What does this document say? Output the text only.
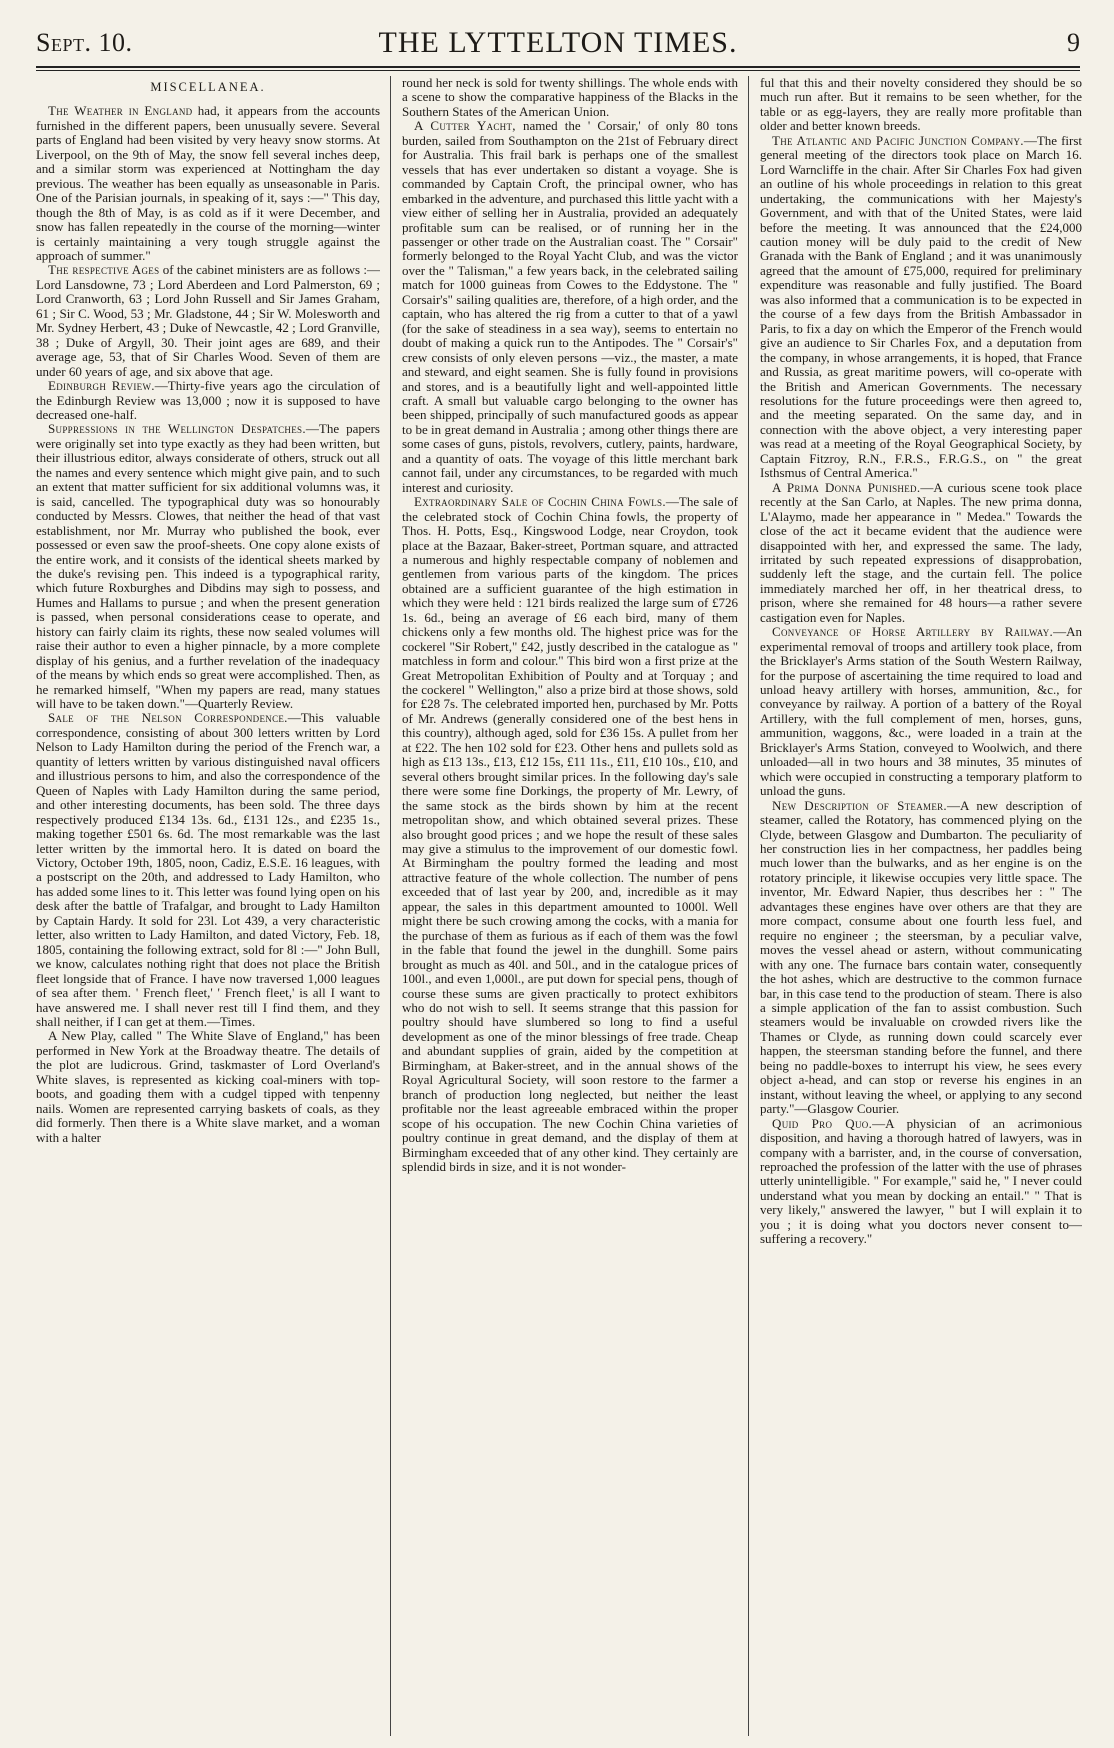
Sept. 10.	THE LYTTELTON TIMES.	9
MISCELLANEA.

The Weather in England had, it appears from the accounts furnished in the different papers, been unusually severe. Several parts of England had been visited by very heavy snow storms. At Liverpool, on the 9th of May, the snow fell several inches deep, and a similar storm was experienced at Nottingham the day previous. The weather has been equally as unseasonable in Paris. One of the Parisian journals, in speaking of it, says :—" This day, though the 8th of May, is as cold as if it were December, and snow has fallen repeatedly in the course of the morning—winter is certainly maintaining a very tough struggle against the approach of summer."

The respective Ages of the cabinet ministers are as follows :— Lord Lansdowne, 73 ; Lord Aberdeen and Lord Palmerston, 69 ; Lord Cranworth, 63 ; Lord John Russell and Sir James Graham, 61 ; Sir C. Wood, 53 ; Mr. Gladstone, 44 ; Sir W. Molesworth and Mr. Sydney Herbert, 43 ; Duke of Newcastle, 42 ; Lord Granville, 38 ; Duke of Argyll, 30. Their joint ages are 689, and their average age, 53, that of Sir Charles Wood. Seven of them are under 60 years of age, and six above that age.

Edinburgh Review.—Thirty-five years ago the circulation of the Edinburgh Review was 13,000 ; now it is supposed to have decreased one-half.

Suppressions in the Wellington Despatches.—The papers were originally set into type exactly as they had been written, but their illustrious editor, always considerate of others, struck out all the names and every sentence which might give pain, and to such an extent that matter sufficient for six additional volumns was, it is said, cancelled. The typographical duty was so honourably conducted by Messrs. Clowes, that neither the head of that vast establishment, nor Mr. Murray who published the book, ever possessed or even saw the proof-sheets. One copy alone exists of the entire work, and it consists of the identical sheets marked by the duke's revising pen. This indeed is a typographical rarity, which future Roxburghes and Dibdins may sigh to possess, and Humes and Hallams to pursue ; and when the present generation is passed, when personal considerations cease to operate, and history can fairly claim its rights, these now sealed volumes will raise their author to even a higher pinnacle, by a more complete display of his genius, and a further revelation of the inadequacy of the means by which ends so great were accomplished. Then, as he remarked himself, "When my papers are read, many statues will have to be taken down."—Quarterly Review.

Sale of the Nelson Correspondence.—This valuable correspondence, consisting of about 300 letters written by Lord Nelson to Lady Hamilton during the period of the French war, a quantity of letters written by various distinguished naval officers and illustrious persons to him, and also the correspondence of the Queen of Naples with Lady Hamilton during the same period, and other interesting documents, has been sold. The three days respectively produced £134 13s. 6d., £131 12s., and £235 1s., making together £501 6s. 6d. The most remarkable was the last letter written by the immortal hero. It is dated on board the Victory, October 19th, 1805, noon, Cadiz, E.S.E. 16 leagues, with a postscript on the 20th, and addressed to Lady Hamilton, who has added some lines to it. This letter was found lying open on his desk after the battle of Trafalgar, and brought to Lady Hamilton by Captain Hardy. It sold for 23l. Lot 439, a very characteristic letter, also written to Lady Hamilton, and dated Victory, Feb. 18, 1805, containing the following extract, sold for 8l :—" John Bull, we know, calculates nothing right that does not place the British fleet longside that of France. I have now traversed 1,000 leagues of sea after them. ' French fleet,' ' French fleet,' is all I want to have answered me. I shall never rest till I find them, and they shall neither, if I can get at them.—Times.

A New Play, called " The White Slave of England," has been performed in New York at the Broadway theatre. The details of the plot are ludicrous. Grind, taskmaster of Lord Overland's White slaves, is represented as kicking coal-miners with top-boots, and goading them with a cudgel tipped with tenpenny nails. Women are represented carrying baskets of coals, as they did formerly. Then there is a White slave market, and a woman with a halter

round her neck is sold for twenty shillings. The whole ends with a scene to show the comparative happiness of the Blacks in the Southern States of the American Union.

A Cutter Yacht, named the ' Corsair,' of only 80 tons burden, sailed from Southampton on the 21st of February direct for Australia. This frail bark is perhaps one of the smallest vessels that has ever undertaken so distant a voyage. She is commanded by Captain Croft, the principal owner, who has embarked in the adventure, and purchased this little yacht with a view either of selling her in Australia, provided an adequately profitable sum can be realised, or of running her in the passenger or other trade on the Australian coast. The " Corsair" formerly belonged to the Royal Yacht Club, and was the victor over the " Talisman," a few years back, in the celebrated sailing match for 1000 guineas from Cowes to the Eddystone. The " Corsair's" sailing qualities are, therefore, of a high order, and the captain, who has altered the rig from a cutter to that of a yawl (for the sake of steadiness in a sea way), seems to entertain no doubt of making a quick run to the Antipodes. The " Corsair's" crew consists of only eleven persons —viz., the master, a mate and steward, and eight seamen. She is fully found in provisions and stores, and is a beautifully light and well-appointed little craft. A small but valuable cargo belonging to the owner has been shipped, principally of such manufactured goods as appear to be in great demand in Australia ; among other things there are some cases of guns, pistols, revolvers, cutlery, paints, hardware, and a quantity of oats. The voyage of this little merchant bark cannot fail, under any circumstances, to be regarded with much interest and curiosity.

Extraordinary Sale of Cochin China Fowls.—The sale of the celebrated stock of Cochin China fowls, the property of Thos. H. Potts, Esq., Kingswood Lodge, near Croydon, took place at the Bazaar, Baker-street, Portman square, and attracted a numerous and highly respectable company of noblemen and gentlemen from various parts of the kingdom. The prices obtained are a sufficient guarantee of the high estimation in which they were held : 121 birds realized the large sum of £726 1s. 6d., being an average of £6 each bird, many of them chickens only a few months old. The highest price was for the cockerel "Sir Robert," £42, justly described in the catalogue as " matchless in form and colour." This bird won a first prize at the Great Metropolitan Exhibition of Poulty and at Torquay ; and the cockerel " Wellington," also a prize bird at those shows, sold for £28 7s. The celebrated imported hen, purchased by Mr. Potts of Mr. Andrews (generally considered one of the best hens in this country), although aged, sold for £36 15s. A pullet from her at £22. The hen 102 sold for £23. Other hens and pullets sold as high as £13 13s., £13, £12 15s, £11 11s., £11, £10 10s., £10, and several others brought similar prices. In the following day's sale there were some fine Dorkings, the property of Mr. Lewry, of the same stock as the birds shown by him at the recent metropolitan show, and which obtained several prizes. These also brought good prices ; and we hope the result of these sales may give a stimulus to the improvement of our domestic fowl. At Birmingham the poultry formed the leading and most attractive feature of the whole collection. The number of pens exceeded that of last year by 200, and, incredible as it may appear, the sales in this department amounted to 1000l. Well might there be such crowing among the cocks, with a mania for the purchase of them as furious as if each of them was the fowl in the fable that found the jewel in the dunghill. Some pairs brought as much as 40l. and 50l., and in the catalogue prices of 100l., and even 1,000l., are put down for special pens, though of course these sums are given practically to protect exhibitors who do not wish to sell. It seems strange that this passion for poultry should have slumbered so long to find a useful development as one of the minor blessings of free trade. Cheap and abundant supplies of grain, aided by the competition at Birmingham, at Baker-street, and in the annual shows of the Royal Agricultural Society, will soon restore to the farmer a branch of production long neglected, but neither the least profitable nor the least agreeable embraced within the proper scope of his occupation. The new Cochin China varieties of poultry continue in great demand, and the display of them at Birmingham exceeded that of any other kind. They certainly are splendid birds in size, and it is not wonder-

ful that this and their novelty considered they should be so much run after. But it remains to be seen whether, for the table or as egg-layers, they are really more profitable than older and better known breeds.

The Atlantic and Pacific Junction Company.—The first general meeting of the directors took place on March 16. Lord Warncliffe in the chair. After Sir Charles Fox had given an outline of his whole proceedings in relation to this great undertaking, the communications with her Majesty's Government, and with that of the United States, were laid before the meeting. It was announced that the £24,000 caution money will be duly paid to the credit of New Granada with the Bank of England ; and it was unanimously agreed that the amount of £75,000, required for preliminary expenditure was reasonable and fully justified. The Board was also informed that a communication is to be expected in the course of a few days from the British Ambassador in Paris, to fix a day on which the Emperor of the French would give an audience to Sir Charles Fox, and a deputation from the company, in whose arrangements, it is hoped, that France and Russia, as great maritime powers, will co-operate with the British and American Governments. The necessary resolutions for the future proceedings were then agreed to, and the meeting separated. On the same day, and in connection with the above object, a very interesting paper was read at a meeting of the Royal Geographical Society, by Captain Fitzroy, R.N., F.R.S., F.R.G.S., on " the great Isthsmus of Central America."

A Prima Donna Punished.—A curious scene took place recently at the San Carlo, at Naples. The new prima donna, L'Alaymo, made her appearance in " Medea." Towards the close of the act it became evident that the audience were disappointed with her, and expressed the same. The lady, irritated by such repeated expressions of disapprobation, suddenly left the stage, and the curtain fell. The police immediately marched her off, in her theatrical dress, to prison, where she remained for 48 hours—a rather severe castigation even for Naples.

Conveyance of Horse Artillery by Railway.—An experimental removal of troops and artillery took place, from the Bricklayer's Arms station of the South Western Railway, for the purpose of ascertaining the time required to load and unload heavy artillery with horses, ammunition, &c., for conveyance by railway. A portion of a battery of the Royal Artillery, with the full complement of men, horses, guns, ammunition, waggons, &c., were loaded in a train at the Bricklayer's Arms Station, conveyed to Woolwich, and there unloaded—all in two hours and 38 minutes, 35 minutes of which were occupied in constructing a temporary platform to unload the guns.

New Description of Steamer.—A new description of steamer, called the Rotatory, has commenced plying on the Clyde, between Glasgow and Dumbarton. The peculiarity of her construction lies in her compactness, her paddles being much lower than the bulwarks, and as her engine is on the rotatory principle, it likewise occupies very little space. The inventor, Mr. Edward Napier, thus describes her : " The advantages these engines have over others are that they are more compact, consume about one fourth less fuel, and require no engineer ; the steersman, by a peculiar valve, moves the vessel ahead or astern, without communicating with any one. The furnace bars contain water, consequently the hot ashes, which are destructive to the common furnace bar, in this case tend to the production of steam. There is also a simple application of the fan to assist combustion. Such steamers would be invaluable on crowded rivers like the Thames or Clyde, as running down could scarcely ever happen, the steersman standing before the funnel, and there being no paddle-boxes to interrupt his view, he sees every object a-head, and can stop or reverse his engines in an instant, without leaving the wheel, or applying to any second party."—Glasgow Courier.

Quid Pro Quo.—A physician of an acrimonious disposition, and having a thorough hatred of lawyers, was in company with a barrister, and, in the course of conversation, reproached the profession of the latter with the use of phrases utterly unintelligible. " For example," said he, " I never could understand what you mean by docking an entail." " That is very likely," answered the lawyer, " but I will explain it to you ; it is doing what you doctors never consent to—suffering a recovery."
